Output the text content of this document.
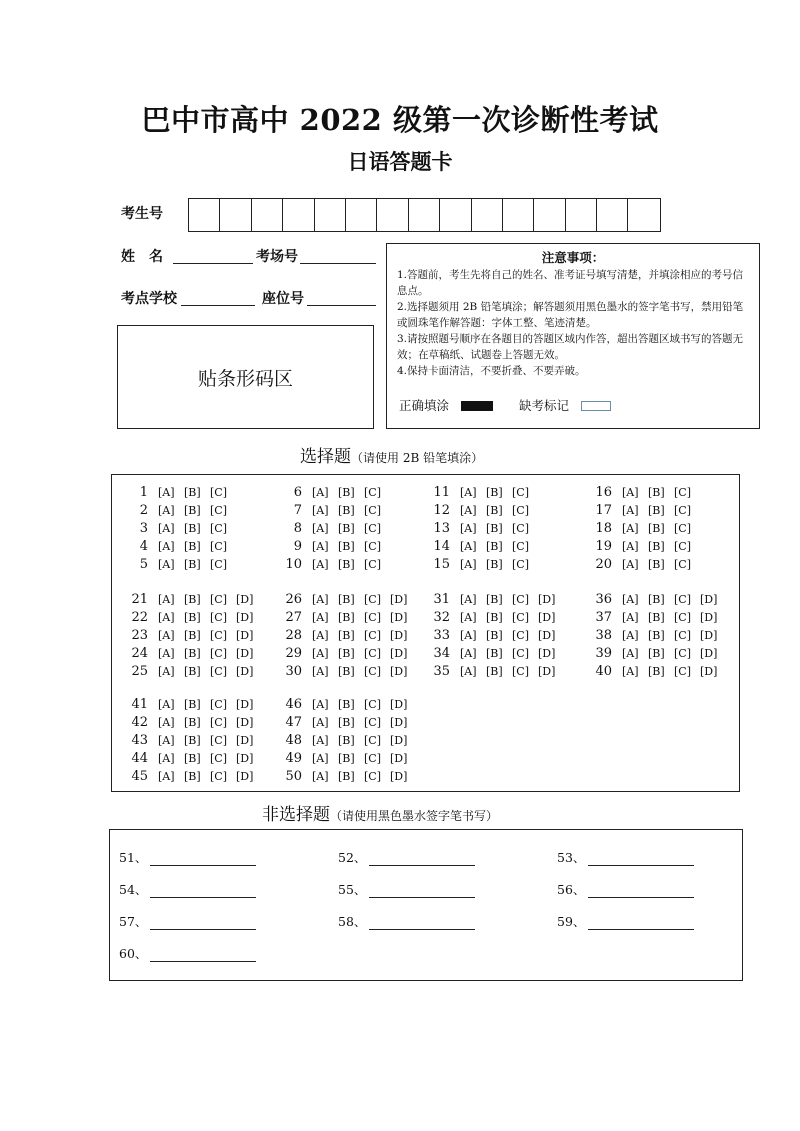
巴中市高中 2022 级第一次诊断性考试
日语答题卡
考生号
姓　名	考场号
考点学校	座位号
贴条形码区
注意事项：
1.答题前，考生先将自己的姓名、准考证号填写清楚，并填涂相应的考号信息点。
2.选择题须用 2B 铅笔填涂；解答题须用黑色墨水的签字笔书写，禁用铅笔或圆珠笔作解答题：字体工整、笔迹清楚。
3.请按照题号顺序在各题目的答题区域内作答，超出答题区域书写的答题无效；在草稿纸、试题卷上答题无效。
4.保持卡面清洁，不要折叠、不要弄破。
正确填涂	缺考标记
选择题（请使用 2B 铅笔填涂）
1 [A] [B] [C]
2 [A] [B] [C]
3 [A] [B] [C]
4 [A] [B] [C]
5 [A] [B] [C]
6 [A] [B] [C]
7 [A] [B] [C]
8 [A] [B] [C]
9 [A] [B] [C]
10 [A] [B] [C]
11 [A] [B] [C]
12 [A] [B] [C]
13 [A] [B] [C]
14 [A] [B] [C]
15 [A] [B] [C]
16 [A] [B] [C]
17 [A] [B] [C]
18 [A] [B] [C]
19 [A] [B] [C]
20 [A] [B] [C]
21 [A] [B] [C] [D]
22 [A] [B] [C] [D]
23 [A] [B] [C] [D]
24 [A] [B] [C] [D]
25 [A] [B] [C] [D]
26 [A] [B] [C] [D]
27 [A] [B] [C] [D]
28 [A] [B] [C] [D]
29 [A] [B] [C] [D]
30 [A] [B] [C] [D]
31 [A] [B] [C] [D]
32 [A] [B] [C] [D]
33 [A] [B] [C] [D]
34 [A] [B] [C] [D]
35 [A] [B] [C] [D]
36 [A] [B] [C] [D]
37 [A] [B] [C] [D]
38 [A] [B] [C] [D]
39 [A] [B] [C] [D]
40 [A] [B] [C] [D]
41 [A] [B] [C] [D]
42 [A] [B] [C] [D]
43 [A] [B] [C] [D]
44 [A] [B] [C] [D]
45 [A] [B] [C] [D]
46 [A] [B] [C] [D]
47 [A] [B] [C] [D]
48 [A] [B] [C] [D]
49 [A] [B] [C] [D]
50 [A] [B] [C] [D]
非选择题（请使用黑色墨水签字笔书写）
51、	52、	53、
54、	55、	56、
57、	58、	59、
60、
